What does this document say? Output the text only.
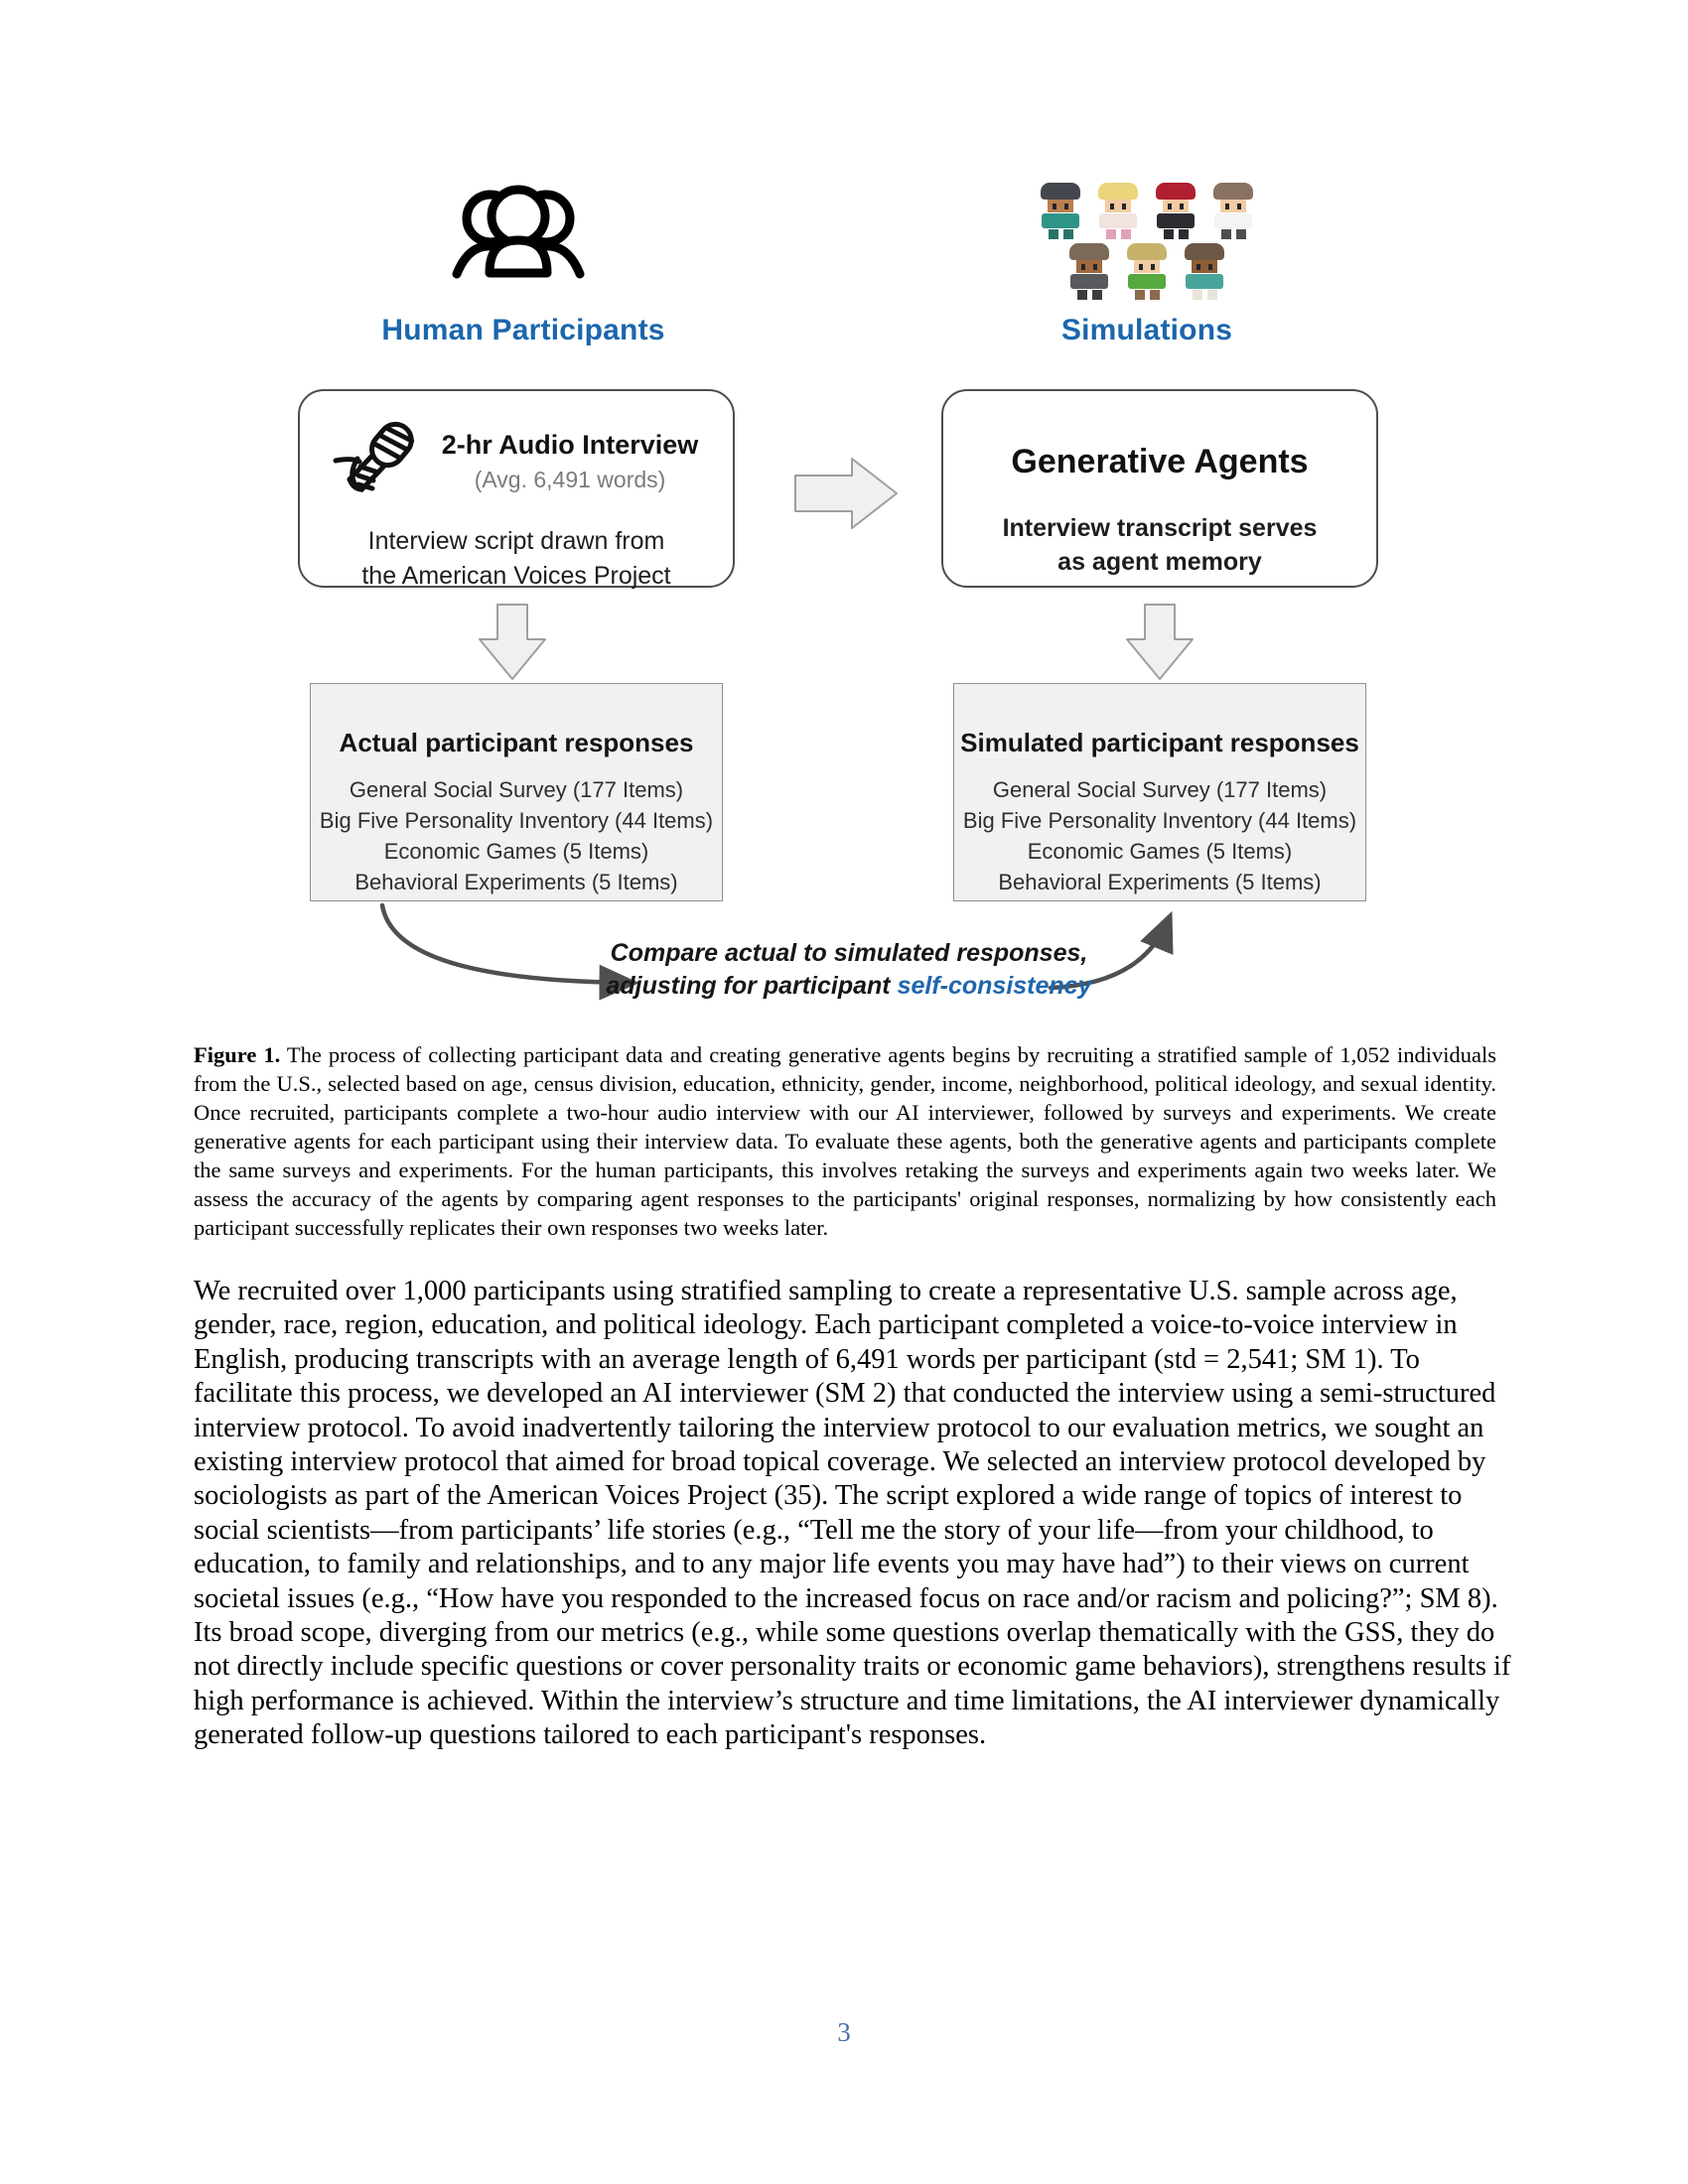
Human Participants	Simulations
2-hr Audio Interview
(Avg. 6,491 words)
Interview script drawn from
the American Voices Project
Generative Agents
Interview transcript serves
as agent memory
Actual participant responses
General Social Survey (177 Items)
Big Five Personality Inventory (44 Items)
Economic Games (5 Items)
Behavioral Experiments (5 Items)
Simulated participant responses
General Social Survey (177 Items)
Big Five Personality Inventory (44 Items)
Economic Games (5 Items)
Behavioral Experiments (5 Items)
Compare actual to simulated responses,
adjusting for participant self-consistency
Figure 1. The process of collecting participant data and creating generative agents begins by recruiting a stratified sample of 1,052 individuals from the U.S., selected based on age, census division, education, ethnicity, gender, income, neighborhood, political ideology, and sexual identity. Once recruited, participants complete a two-hour audio interview with our AI interviewer, followed by surveys and experiments. We create generative agents for each participant using their interview data. To evaluate these agents, both the generative agents and participants complete the same surveys and experiments. For the human participants, this involves retaking the surveys and experiments again two weeks later. We assess the accuracy of the agents by comparing agent responses to the participants' original responses, normalizing by how consistently each participant successfully replicates their own responses two weeks later.
We recruited over 1,000 participants using stratified sampling to create a representative U.S. sample across age, gender, race, region, education, and political ideology. Each participant completed a voice-to-voice interview in English, producing transcripts with an average length of 6,491 words per participant (std = 2,541; SM 1). To facilitate this process, we developed an AI interviewer (SM 2) that conducted the interview using a semi-structured interview protocol. To avoid inadvertently tailoring the interview protocol to our evaluation metrics, we sought an existing interview protocol that aimed for broad topical coverage. We selected an interview protocol developed by sociologists as part of the American Voices Project (35). The script explored a wide range of topics of interest to social scientists—from participants’ life stories (e.g., “Tell me the story of your life—from your childhood, to education, to family and relationships, and to any major life events you may have had”) to their views on current societal issues (e.g., “How have you responded to the increased focus on race and/or racism and policing?”; SM 8). Its broad scope, diverging from our metrics (e.g., while some questions overlap thematically with the GSS, they do not directly include specific questions or cover personality traits or economic game behaviors), strengthens results if high performance is achieved. Within the interview’s structure and time limitations, the AI interviewer dynamically generated follow-up questions tailored to each participant's responses.
3
